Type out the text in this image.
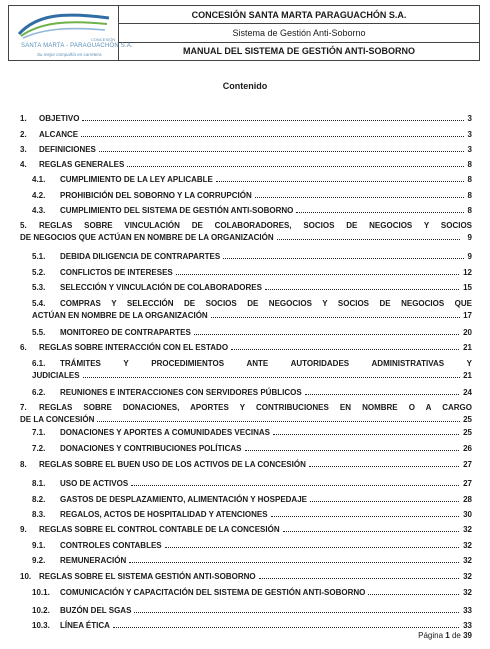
CONCESIÓN
SANTA MARTA - PARAGUACHÓN S.A.
Su mejor compañía en carretera
CONCESIÓN SANTA MARTA PARAGUACHÓN S.A.
Sistema de Gestión Anti-Soborno
MANUAL DEL SISTEMA DE GESTIÓN ANTI-SOBORNO
Contenido
1. OBJETIVO	3
2. ALCANCE	3
3. DEFINICIONES	3
4. REGLAS GENERALES	8
4.1. CUMPLIMIENTO DE LA LEY APLICABLE	8
4.2. PROHIBICIÓN DEL SOBORNO Y LA CORRUPCIÓN	8
4.3. CUMPLIMIENTO DEL SISTEMA DE GESTIÓN ANTI-SOBORNO	8
5. REGLAS SOBRE VINCULACIÓN DE COLABORADORES, SOCIOS DE NEGOCIOS Y SOCIOS
DE NEGOCIOS QUE ACTÚAN EN NOMBRE DE LA ORGANIZACIÓN	9
5.1. DEBIDA DILIGENCIA DE CONTRAPARTES	9
5.2. CONFLICTOS DE INTERESES	12
5.3. SELECCIÓN Y VINCULACIÓN DE COLABORADORES	15
5.4. COMPRAS Y SELECCIÓN DE SOCIOS DE NEGOCIOS Y SOCIOS DE NEGOCIOS QUE
ACTÚAN EN NOMBRE DE LA ORGANIZACIÓN	17
5.5. MONITOREO DE CONTRAPARTES	20
6. REGLAS SOBRE INTERACCIÓN CON EL ESTADO	21
6.1. TRÁMITES Y PROCEDIMIENTOS ANTE AUTORIDADES ADMINISTRATIVAS Y
JUDICIALES	21
6.2. REUNIONES E INTERACCIONES CON SERVIDORES PÚBLICOS	24
7. REGLAS SOBRE DONACIONES, APORTES Y CONTRIBUCIONES EN NOMBRE O A CARGO
DE LA CONCESIÓN	25
7.1. DONACIONES Y APORTES A COMUNIDADES VECINAS	25
7.2. DONACIONES Y CONTRIBUCIONES POLÍTICAS	26
8. REGLAS SOBRE EL BUEN USO DE LOS ACTIVOS DE LA CONCESIÓN	27
8.1. USO DE ACTIVOS	27
8.2. GASTOS DE DESPLAZAMIENTO, ALIMENTACIÓN Y HOSPEDAJE	28
8.3. REGALOS, ACTOS DE HOSPITALIDAD Y ATENCIONES	30
9. REGLAS SOBRE EL CONTROL CONTABLE DE LA CONCESIÓN	32
9.1. CONTROLES CONTABLES	32
9.2. REMUNERACIÓN	32
10. REGLAS SOBRE EL SISTEMA GESTIÓN ANTI-SOBORNO	32
10.1. COMUNICACIÓN Y CAPACITACIÓN DEL SISTEMA DE GESTIÓN ANTI-SOBORNO	32
10.2. BUZÓN DEL SGAS	33
10.3. LÍNEA ÉTICA	33
Página 1 de 39
